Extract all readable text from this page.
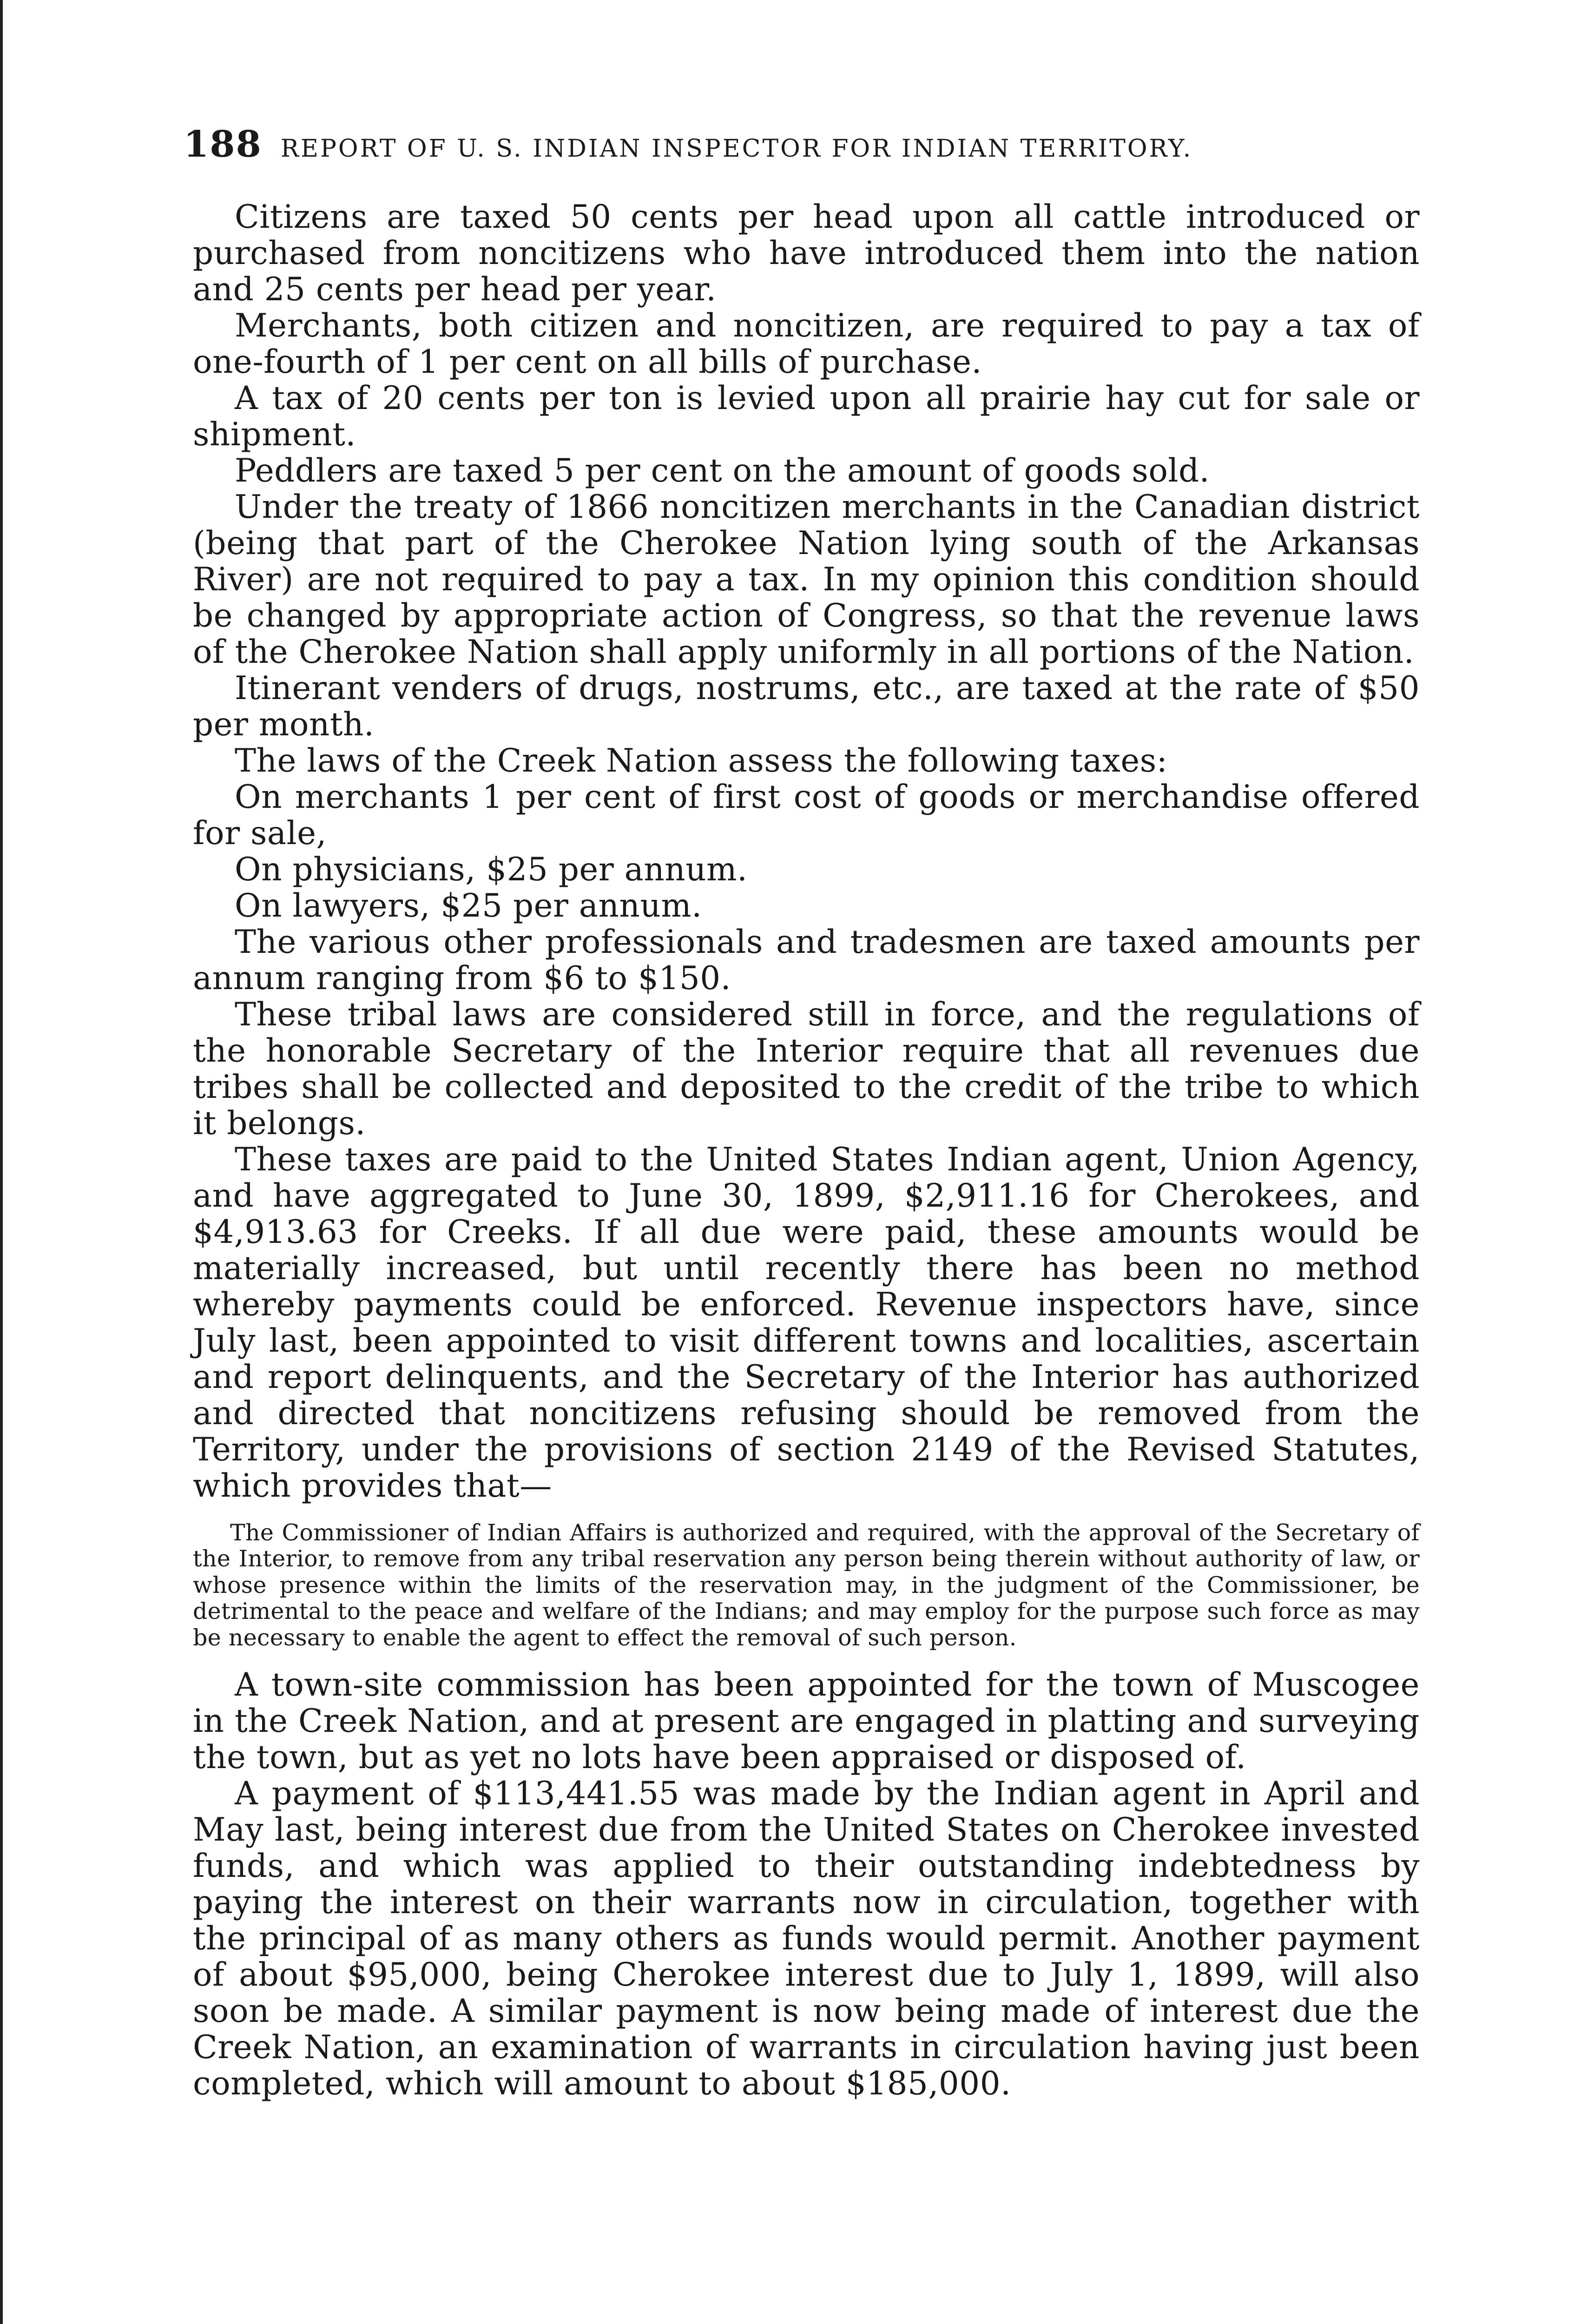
188 REPORT OF U. S. INDIAN INSPECTOR FOR INDIAN TERRITORY.

Citizens are taxed 50 cents per head upon all cattle introduced or purchased from noncitizens who have introduced them into the nation and 25 cents per head per year.

Merchants, both citizen and noncitizen, are required to pay a tax of one-fourth of 1 per cent on all bills of purchase.

A tax of 20 cents per ton is levied upon all prairie hay cut for sale or shipment.

Peddlers are taxed 5 per cent on the amount of goods sold.

Under the treaty of 1866 noncitizen merchants in the Canadian district (being that part of the Cherokee Nation lying south of the Arkansas River) are not required to pay a tax. In my opinion this condition should be changed by appropriate action of Congress, so that the revenue laws of the Cherokee Nation shall apply uniformly in all portions of the Nation.

Itinerant venders of drugs, nostrums, etc., are taxed at the rate of $50 per month.

The laws of the Creek Nation assess the following taxes:

On merchants 1 per cent of first cost of goods or merchandise offered for sale,

On physicians, $25 per annum.

On lawyers, $25 per annum.

The various other professionals and tradesmen are taxed amounts per annum ranging from $6 to $150.

These tribal laws are considered still in force, and the regulations of the honorable Secretary of the Interior require that all revenues due tribes shall be collected and deposited to the credit of the tribe to which it belongs.

These taxes are paid to the United States Indian agent, Union Agency, and have aggregated to June 30, 1899, $2,911.16 for Cherokees, and $4,913.63 for Creeks. If all due were paid, these amounts would be materially increased, but until recently there has been no method whereby payments could be enforced. Revenue inspectors have, since July last, been appointed to visit different towns and localities, ascertain and report delinquents, and the Secretary of the Interior has authorized and directed that noncitizens refusing should be removed from the Territory, under the provisions of section 2149 of the Revised Statutes, which provides that—

The Commissioner of Indian Affairs is authorized and required, with the approval of the Secretary of the Interior, to remove from any tribal reservation any person being therein without authority of law, or whose presence within the limits of the reservation may, in the judgment of the Commissioner, be detrimental to the peace and welfare of the Indians; and may employ for the purpose such force as may be necessary to enable the agent to effect the removal of such person.

A town-site commission has been appointed for the town of Muscogee in the Creek Nation, and at present are engaged in platting and surveying the town, but as yet no lots have been appraised or disposed of.

A payment of $113,441.55 was made by the Indian agent in April and May last, being interest due from the United States on Cherokee invested funds, and which was applied to their outstanding indebtedness by paying the interest on their warrants now in circulation, together with the principal of as many others as funds would permit. Another payment of about $95,000, being Cherokee interest due to July 1, 1899, will also soon be made. A similar payment is now being made of interest due the Creek Nation, an examination of warrants in circulation having just been completed, which will amount to about $185,000.
